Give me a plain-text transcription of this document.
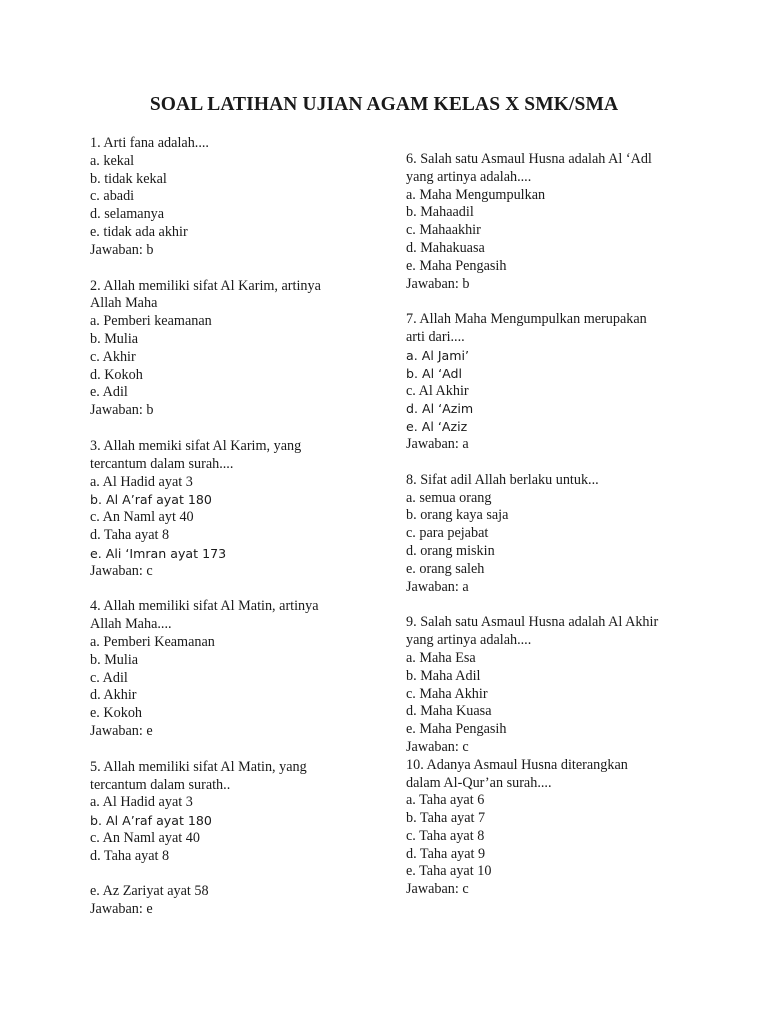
SOAL LATIHAN UJIAN AGAM KELAS X SMK/SMA
1. Arti fana adalah....
a. kekal
b. tidak kekal
c. abadi
d. selamanya
e. tidak ada akhir
Jawaban: b
2. Allah memiliki sifat Al Karim, artinya
Allah Maha
a. Pemberi keamanan
b. Mulia
c. Akhir
d. Kokoh
e. Adil
Jawaban: b
3. Allah memiki sifat Al Karim, yang
tercantum dalam surah....
a. Al Hadid ayat 3
b. Al A’raf ayat 180
c. An Naml ayt 40
d. Taha ayat 8
e. Ali ‘Imran ayat 173
Jawaban: c
4. Allah memiliki sifat Al Matin, artinya
Allah Maha....
a. Pemberi Keamanan
b. Mulia
c. Adil
d. Akhir
e. Kokoh
Jawaban: e
5. Allah memiliki sifat Al Matin, yang
tercantum dalam surath..
a. Al Hadid ayat 3
b. Al A’raf ayat 180
c. An Naml ayat 40
d. Taha ayat 8
e. Az Zariyat ayat 58
Jawaban: e
6. Salah satu Asmaul Husna adalah Al ‘Adl
yang artinya adalah....
a. Maha Mengumpulkan
b. Mahaadil
c. Mahaakhir
d. Mahakuasa
e. Maha Pengasih
Jawaban: b
7. Allah Maha Mengumpulkan merupakan
arti dari....
a. Al Jami’
b. Al ‘Adl
c. Al Akhir
d. Al ‘Azim
e. Al ‘Aziz
Jawaban: a
8. Sifat adil Allah berlaku untuk...
a. semua orang
b. orang kaya saja
c. para pejabat
d. orang miskin
e. orang saleh
Jawaban: a
9. Salah satu Asmaul Husna adalah Al Akhir
yang artinya adalah....
a. Maha Esa
b. Maha Adil
c. Maha Akhir
d. Maha Kuasa
e. Maha Pengasih
Jawaban: c
10. Adanya Asmaul Husna diterangkan
dalam Al-Qur’an surah....
a. Taha ayat 6
b. Taha ayat 7
c. Taha ayat 8
d. Taha ayat 9
e. Taha ayat 10
Jawaban: c
